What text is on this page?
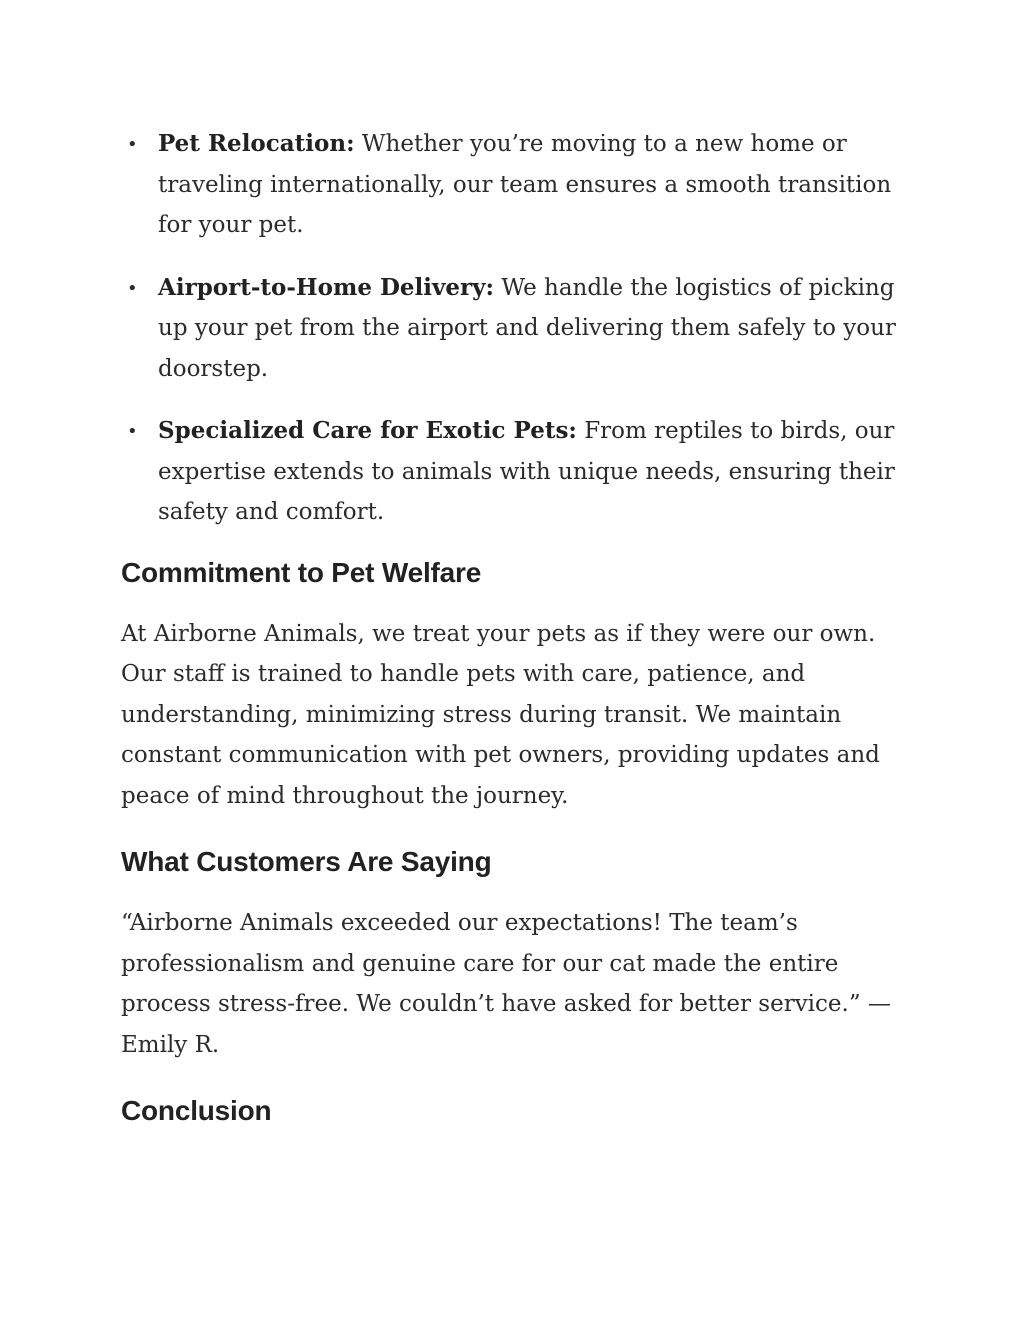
• Pet Relocation: Whether you’re moving to a new home or traveling internationally, our team ensures a smooth transition for your pet.
• Airport-to-Home Delivery: We handle the logistics of picking up your pet from the airport and delivering them safely to your doorstep.
• Specialized Care for Exotic Pets: From reptiles to birds, our expertise extends to animals with unique needs, ensuring their safety and comfort.
Commitment to Pet Welfare

At Airborne Animals, we treat your pets as if they were our own. Our staff is trained to handle pets with care, patience, and understanding, minimizing stress during transit. We maintain constant communication with pet owners, providing updates and peace of mind throughout the journey.

What Customers Are Saying

“Airborne Animals exceeded our expectations! The team’s professionalism and genuine care for our cat made the entire process stress-free. We couldn’t have asked for better service.” — Emily R.

Conclusion
